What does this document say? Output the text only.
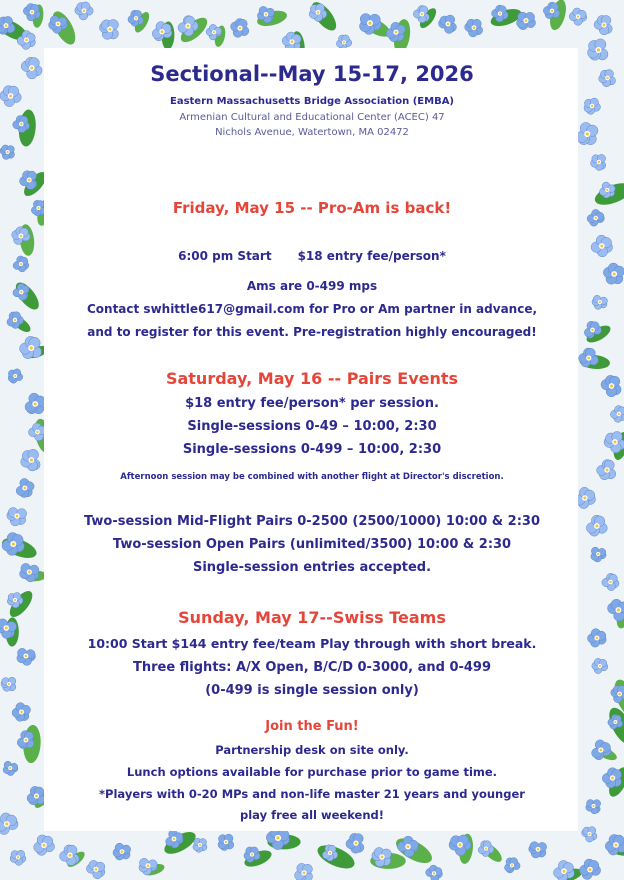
Sectional--May 15-17, 2026
Eastern Massachusetts Bridge Association (EMBA)
Armenian Cultural and Educational Center (ACEC) 47
Nichols Avenue, Watertown, MA 02472
Friday, May 15 -- Pro-Am is back!
6:00 pm Start $18 entry fee/person*
Ams are 0-499 mps
Contact swhittle617@gmail.com for Pro or Am partner in advance,
and to register for this event. Pre-registration highly encouraged!
Saturday, May 16 -- Pairs Events
$18 entry fee/person* per session.
Single-sessions 0-49 – 10:00, 2:30
Single-sessions 0-499 – 10:00, 2:30
Afternoon session may be combined with another flight at Director's discretion.
Two-session Mid-Flight Pairs 0-2500 (2500/1000) 10:00 & 2:30
Two-session Open Pairs (unlimited/3500) 10:00 & 2:30
Single-session entries accepted.
Sunday, May 17--Swiss Teams
10:00 Start $144 entry fee/team Play through with short break.
Three flights: A/X Open, B/C/D 0-3000, and 0-499
(0-499 is single session only)
Join the Fun!
Partnership desk on site only.
Lunch options available for purchase prior to game time.
*Players with 0-20 MPs and non-life master 21 years and younger
play free all weekend!
